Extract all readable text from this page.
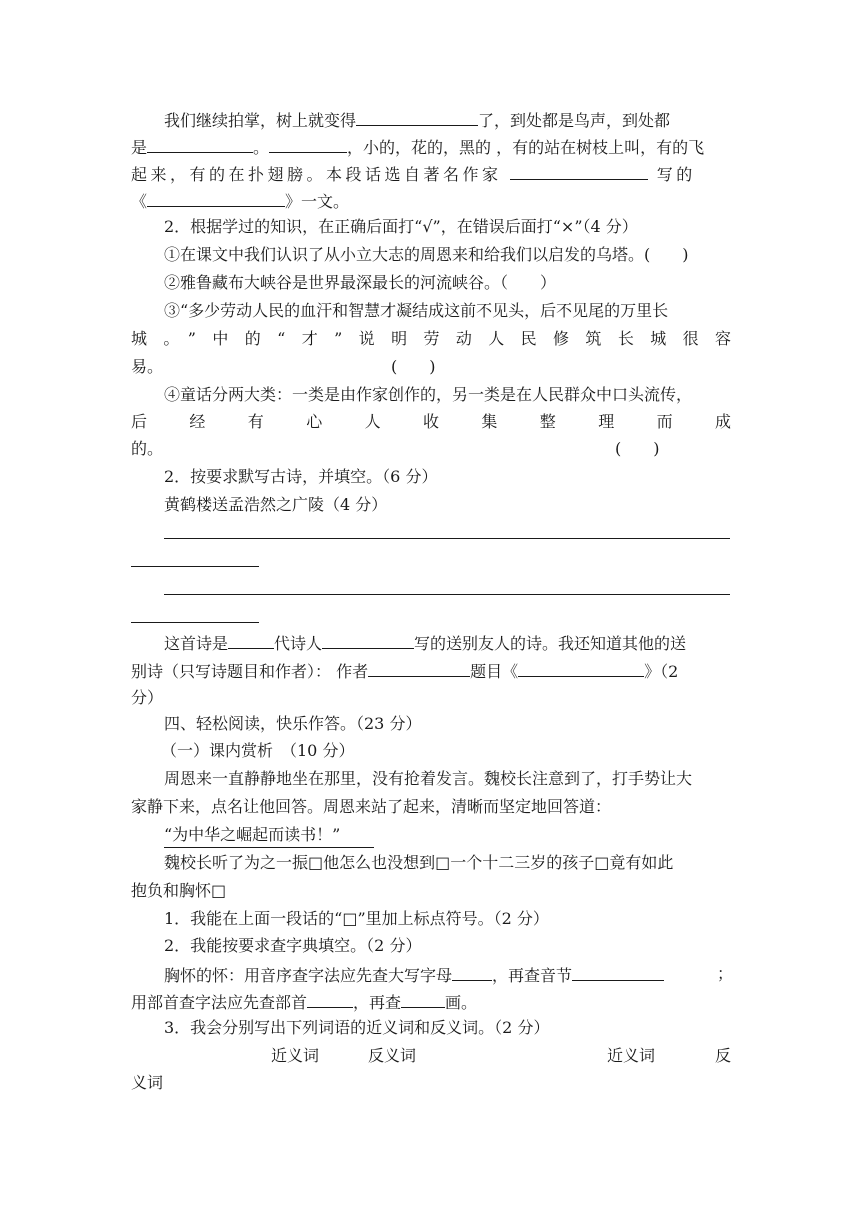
我们继续拍掌，树上就变得	了，到处都是鸟声，到处都
是	。	，小的，花的，黑的 ，有的站在树枝上叫，有的飞
起来，有的在扑翅膀。本段话选自著名作家	写的
《	》一文。
2．根据学过的知识，在正确后面打“√”，在错误后面打“×”（4 分）
①在课文中我们认识了从小立大志的周恩来和给我们以启发的乌塔。(　　)
②雅鲁藏布大峡谷是世界最深最长的河流峡谷。（　　）
③“多少劳动人民的血汗和智慧才凝结成这前不见头，后不见尾的万里长
城。”中的“才”说明劳动人民修筑长城很容
易。	(　　)
④童话分两大类：一类是由作家创作的，另一类是在人民群众中口头流传，
后经有心人收集整理而成
的。	(　　)
2．按要求默写古诗，并填空。（6 分）
黄鹤楼送孟浩然之广陵（4 分）
这首诗是	代诗人	写的送别友人的诗。我还知道其他的送
别诗（只写诗题目和作者）： 作者	题目《	》（2
分）
四、轻松阅读，快乐作答。（23 分）
（一）课内赏析　（10 分）
周恩来一直静静地坐在那里，没有抢着发言。魏校长注意到了，打手势让大
家静下来，点名让他回答。周恩来站了起来，清晰而坚定地回答道：
“为中华之崛起而读书！”
魏校长听了为之一振□他怎么也没想到□一个十二三岁的孩子□竟有如此
抱负和胸怀□
1．我能在上面一段话的“□”里加上标点符号。（2 分）
2．我能按要求查字典填空。（2 分）
胸怀的怀：用音序查字法应先查大写字母	，再查音节	；
用部首查字法应先查部首	，再查	画。
3．我会分别写出下列词语的近义词和反义词。（2 分）
近义词	反义词	近义词	反
义词
